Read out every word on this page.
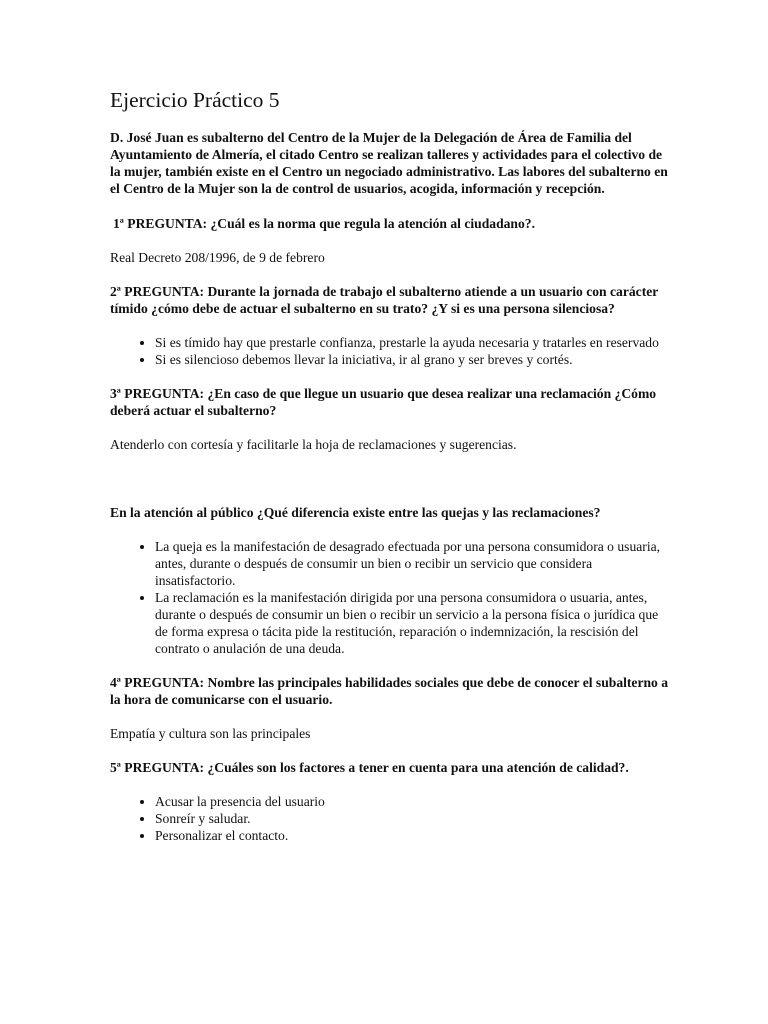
Ejercicio Práctico 5

D. José Juan es subalterno del Centro de la Mujer de la Delegación de Área de Familia del Ayuntamiento de Almería, el citado Centro se realizan talleres y actividades para el colectivo de la mujer, también existe en el Centro un negociado administrativo. Las labores del subalterno en el Centro de la Mujer son la de control de usuarios, acogida, información y recepción.

1ª PREGUNTA: ¿Cuál es la norma que regula la atención al ciudadano?.

Real Decreto 208/1996, de 9 de febrero

2ª PREGUNTA: Durante la jornada de trabajo el subalterno atiende a un usuario con carácter tímido ¿cómo debe de actuar el subalterno en su trato? ¿Y si es una persona silenciosa?

• Si es tímido hay que prestarle confianza, prestarle la ayuda necesaria y tratarles en reservado
• Si es silencioso debemos llevar la iniciativa, ir al grano y ser breves y cortés.

3ª PREGUNTA: ¿En caso de que llegue un usuario que desea realizar una reclamación ¿Cómo deberá actuar el subalterno?

Atenderlo con cortesía y facilitarle la hoja de reclamaciones y sugerencias.

En la atención al público ¿Qué diferencia existe entre las quejas y las reclamaciones?

• La queja es la manifestación de desagrado efectuada por una persona consumidora o usuaria, antes, durante o después de consumir un bien o recibir un servicio que considera insatisfactorio.
• La reclamación es la manifestación dirigida por una persona consumidora o usuaria, antes, durante o después de consumir un bien o recibir un servicio a la persona física o jurídica que de forma expresa o tácita pide la restitución, reparación o indemnización, la rescisión del contrato o anulación de una deuda.

4ª PREGUNTA: Nombre las principales habilidades sociales que debe de conocer el subalterno a la hora de comunicarse con el usuario.

Empatía y cultura son las principales

5ª PREGUNTA: ¿Cuáles son los factores a tener en cuenta para una atención de calidad?.

• Acusar la presencia del usuario
• Sonreír y saludar.
• Personalizar el contacto.
